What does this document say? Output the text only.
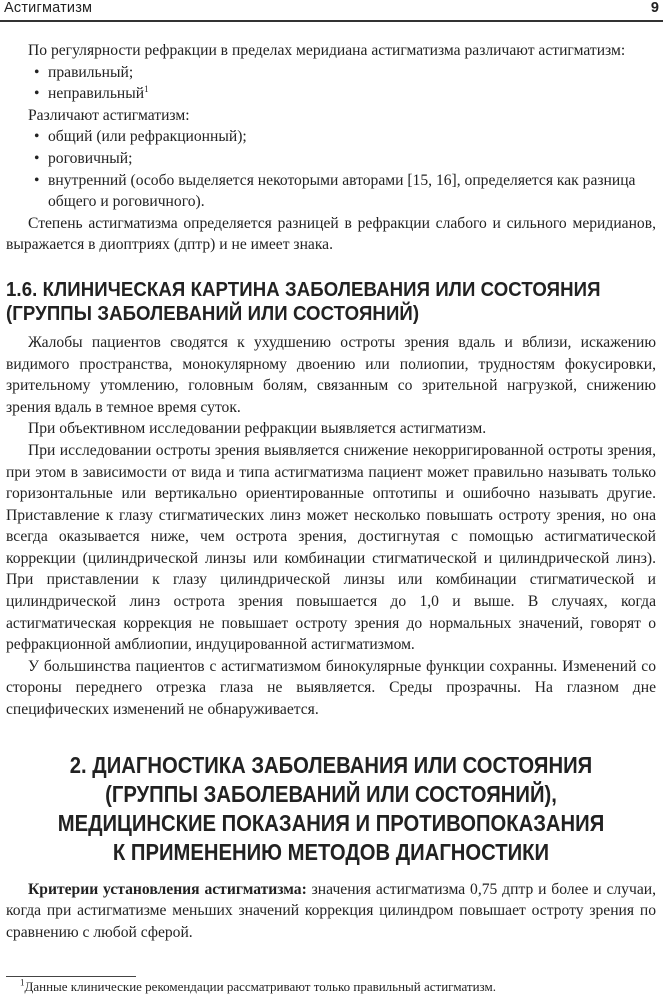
Астигматизм	9

По регулярности рефракции в пределах меридиана астигматизма различают астигматизм:

• правильный;
• неправильный$^1$

Различают астигматизм:

• общий (или рефракционный);
• роговичный;
• внутренний (особо выделяется некоторыми авторами [15, 16], определяется как разница общего и роговичного).

Степень астигматизма определяется разницей в рефракции слабого и сильного меридианов, выражается в диоптриях (дптр) и не имеет знака.

1.6. КЛИНИЧЕСКАЯ КАРТИНА ЗАБОЛЕВАНИЯ ИЛИ СОСТОЯНИЯ
(ГРУППЫ ЗАБОЛЕВАНИЙ ИЛИ СОСТОЯНИЙ)

Жалобы пациентов сводятся к ухудшению остроты зрения вдаль и вблизи, искажению видимого пространства, монокулярному двоению или полиопии, трудностям фокусировки, зрительному утомлению, головным болям, связанным со зрительной нагрузкой, снижению зрения вдаль в темное время суток.

При объективном исследовании рефракции выявляется астигматизм.

При исследовании остроты зрения выявляется снижение некорригированной остроты зрения, при этом в зависимости от вида и типа астигматизма пациент может правильно называть только горизонтальные или вертикально ориентированные оптотипы и ошибочно называть другие. Приставление к глазу стигматических линз может несколько повышать остроту зрения, но она всегда оказывается ниже, чем острота зрения, достигнутая с помощью астигматической коррекции (цилиндрической линзы или комбинации стигматической и цилиндрической линз). При приставлении к глазу цилиндрической линзы или комбинации стигматической и цилиндрической линз острота зрения повышается до 1,0 и выше. В случаях, когда астигматическая коррекция не повышает остроту зрения до нормальных значений, говорят о рефракционной амблиопии, индуцированной астигматизмом.

У большинства пациентов с астигматизмом бинокулярные функции сохранны. Изменений со стороны переднего отрезка глаза не выявляется. Среды прозрачны. На глазном дне специфических изменений не обнаруживается.

2. ДИАГНОСТИКА ЗАБОЛЕВАНИЯ ИЛИ СОСТОЯНИЯ
(ГРУППЫ ЗАБОЛЕВАНИЙ ИЛИ СОСТОЯНИЙ),
МЕДИЦИНСКИЕ ПОКАЗАНИЯ И ПРОТИВОПОКАЗАНИЯ
К ПРИМЕНЕНИЮ МЕТОДОВ ДИАГНОСТИКИ

Критерии установления астигматизма: значения астигматизма 0,75 дптр и более и случаи, когда при астигматизме меньших значений коррекция цилиндром повышает остроту зрения по сравнению с любой сферой.

$^1$Данные клинические рекомендации рассматривают только правильный астигматизм.
